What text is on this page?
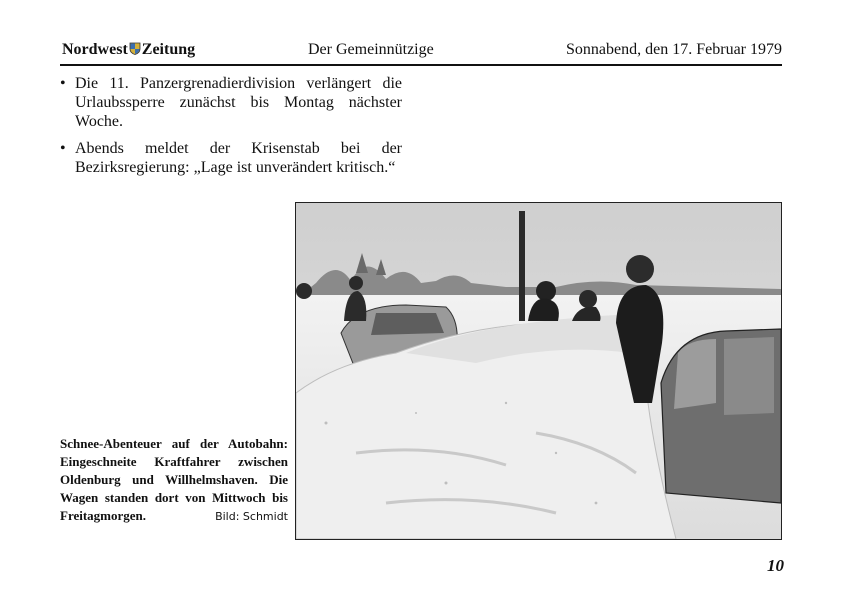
Nordwest Zeitung	Der Gemeinnützige	Sonnabend, den 17. Februar 1979
• Die 11. Panzergrenadierdivision verlängert die Urlaubssperre zunächst bis Montag nächster Woche.
• Abends meldet der Krisenstab bei der Bezirksregierung: „Lage ist unverändert kritisch.“
Schnee-Abenteuer auf der Autobahn: Eingeschneite Kraftfahrer zwischen Oldenburg und Willhelmshaven. Die Wagen standen dort von Mittwoch bis Freitagmorgen.	Bild: Schmidt
10
